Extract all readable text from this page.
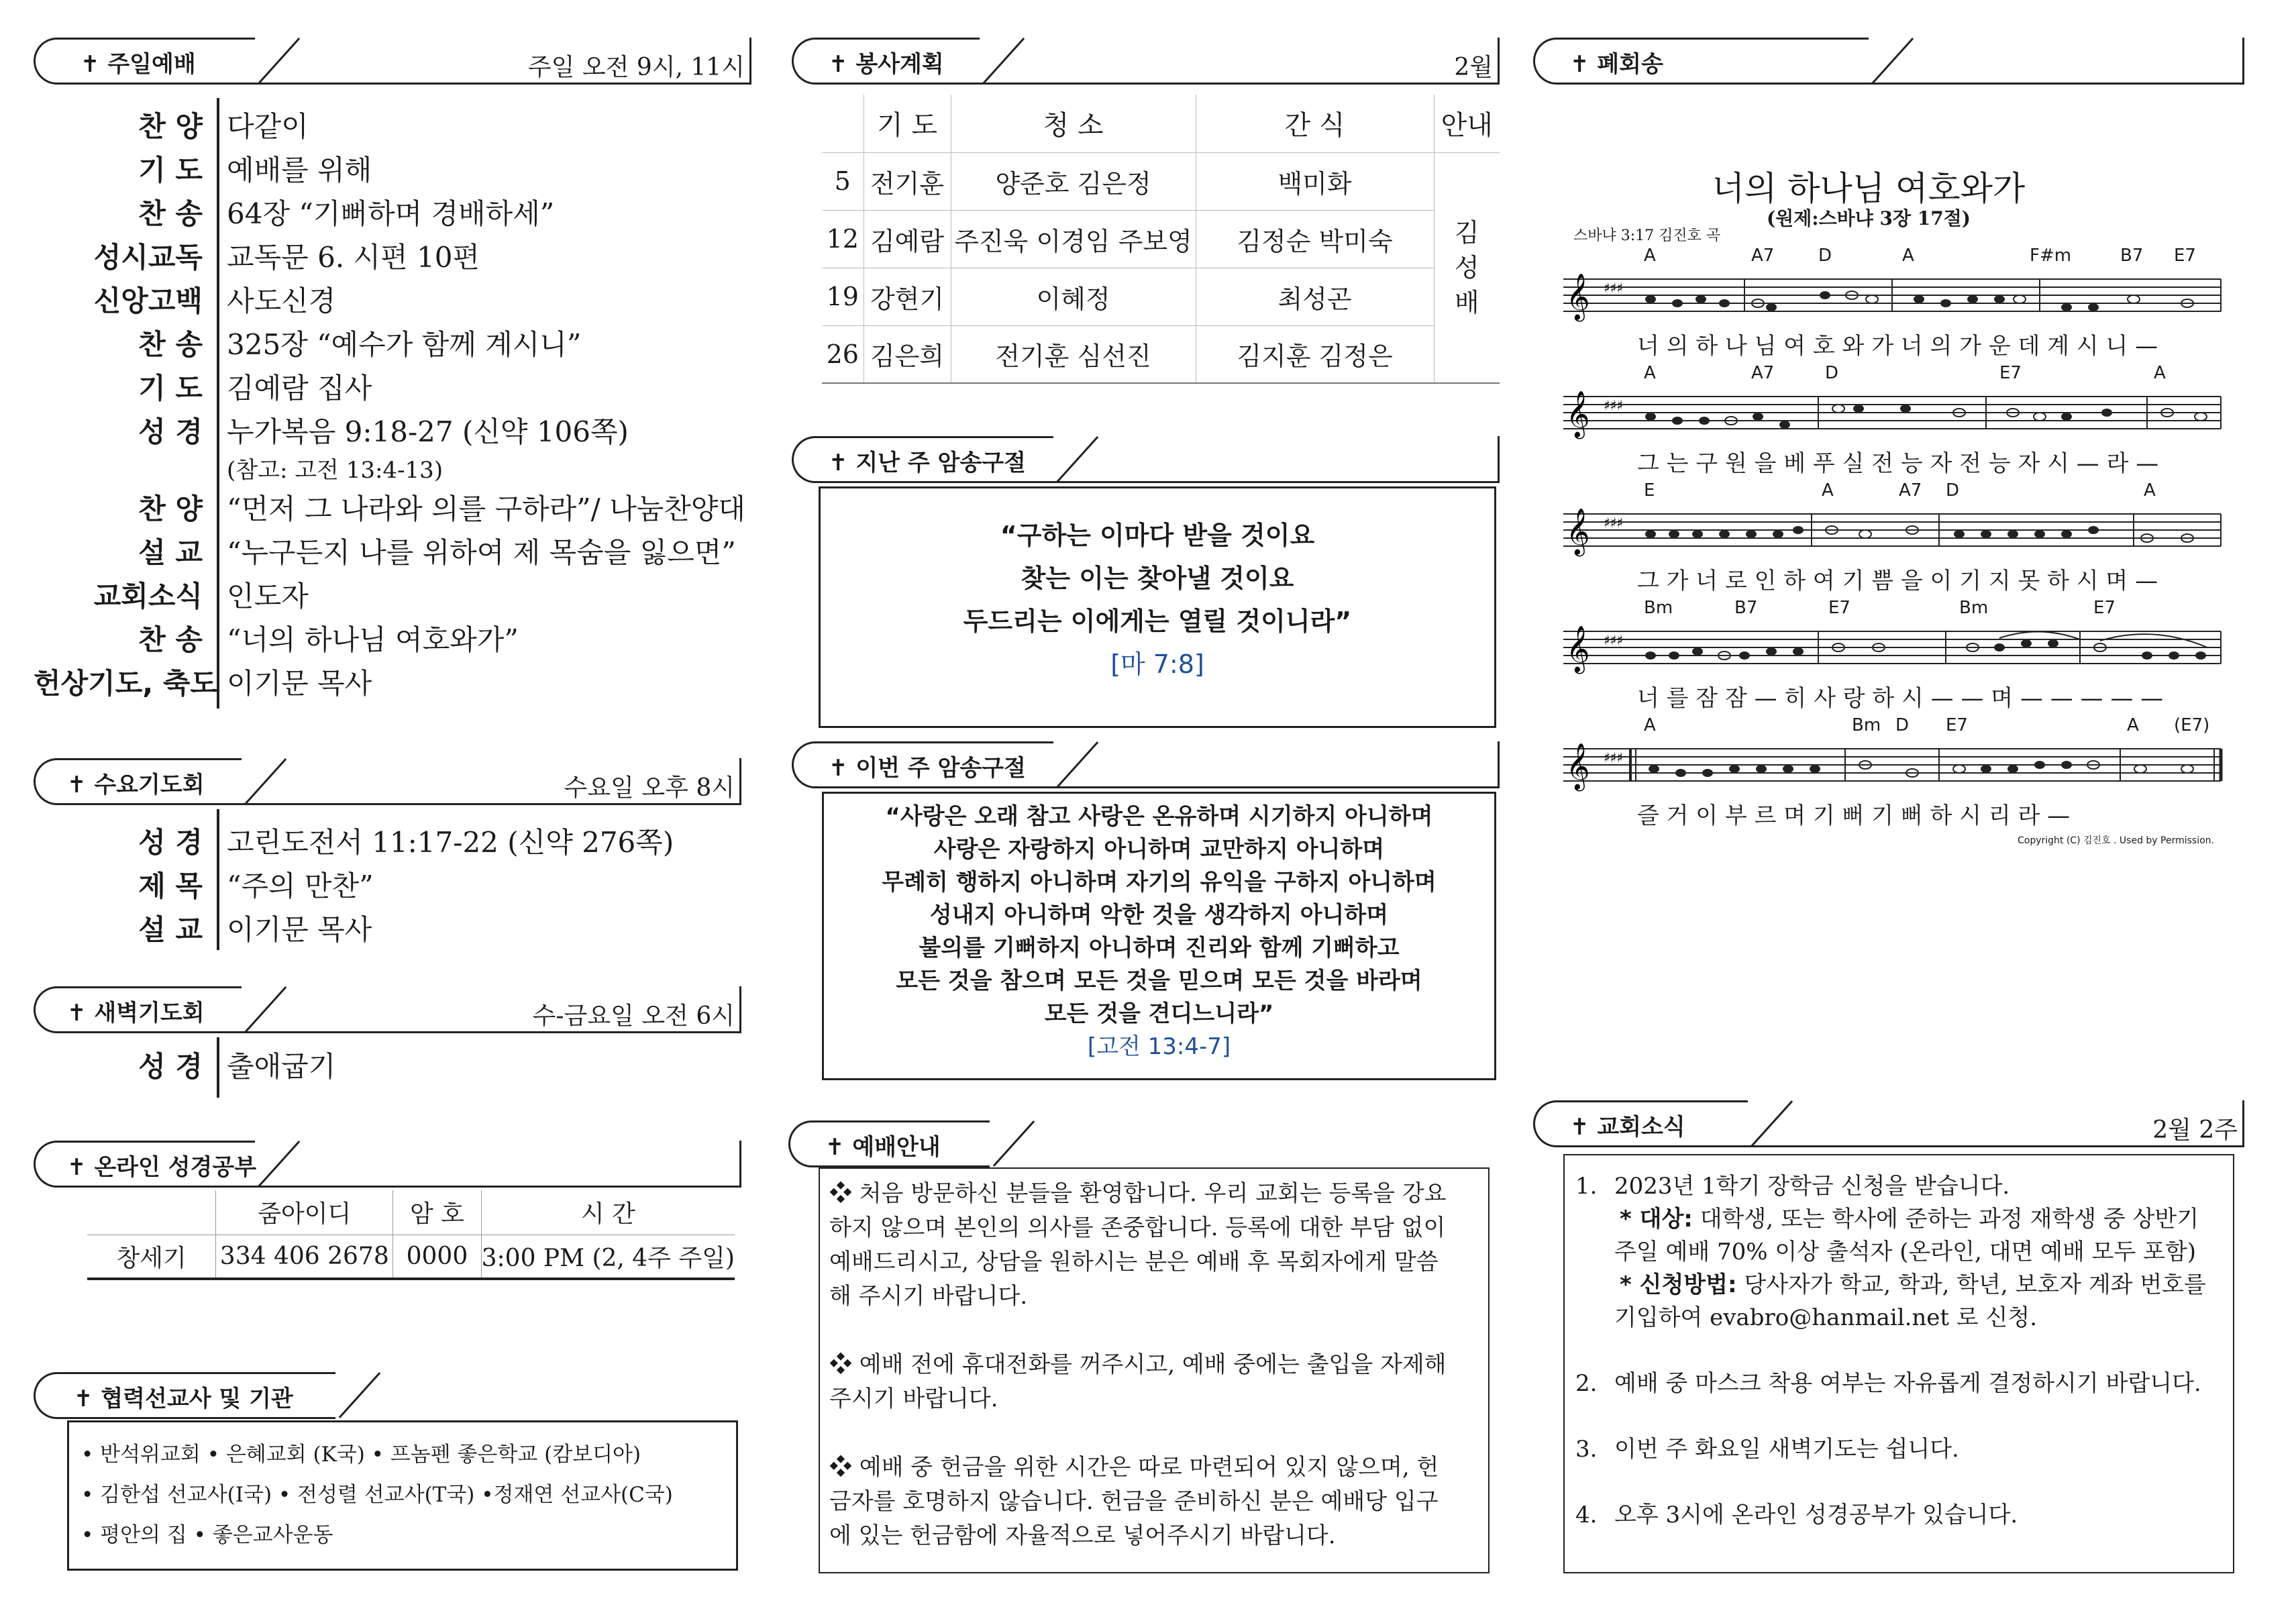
✝ 주일예배	주일 오전 9시, 11시
찬 양 다같이
기 도 예배를 위해
찬 송 64장 “기뻐하며 경배하세”
성시교독 교독문 6. 시편 10편
신앙고백 사도신경
찬 송 325장 “예수가 함께 계시니”
기 도 김예람 집사
성 경 누가복음 9:18-27 (신약 106쪽)
(참고: 고전 13:4-13)
찬 양 “먼저 그 나라와 의를 구하라”/ 나눔찬양대
설 교 “누구든지 나를 위하여 제 목숨을 잃으면”
교회소식 인도자
찬 송 “너의 하나님 여호와가”
헌상기도, 축도 이기문 목사
✝ 수요기도회	수요일 오후 8시
성 경 고린도전서 11:17-22 (신약 276쪽)
제 목 “주의 만찬”
설 교 이기문 목사
✝ 새벽기도회	수-금요일 오전 6시
성 경 출애굽기
✝ 온라인 성경공부
	줌아이디	암 호	시 간
창세기	334 406 2678	0000	3:00 PM (2, 4주 주일)
✝ 협력선교사 및 기관
• 반석위교회 • 은혜교회 (K국) • 프놈펜 좋은학교 (캄보디아)
• 김한섭 선교사(I국) • 전성렬 선교사(T국) •정재연 선교사(C국)
• 평안의 집 • 좋은교사운동
✝ 봉사계획	2월
	기 도	청 소	간 식	안내
5	전기훈	양준호 김은정	백미화	김
성
배

12	김예람	주진욱 이경임 주보영	김정순 박미숙	
19	강현기	이혜정	최성곤	
26	김은희	전기훈 심선진	김지훈 김정은	
✝ 지난 주 암송구절
“구하는 이마다 받을 것이요
찾는 이는 찾아낼 것이요
두드리는 이에게는 열릴 것이니라”
[마 7:8]
✝ 이번 주 암송구절
“사랑은 오래 참고 사랑은 온유하며 시기하지 아니하며
사랑은 자랑하지 아니하며 교만하지 아니하며
무례히 행하지 아니하며 자기의 유익을 구하지 아니하며
성내지 아니하며 악한 것을 생각하지 아니하며
불의를 기뻐하지 아니하며 진리와 함께 기뻐하고
모든 것을 참으며 모든 것을 믿으며 모든 것을 바라며
모든 것을 견디느니라”
[고전 13:4-7]
✝ 예배안내
❖ 처음 방문하신 분들을 환영합니다. 우리 교회는 등록을 강요
하지 않으며 본인의 의사를 존중합니다. 등록에 대한 부담 없이
예배드리시고, 상담을 원하시는 분은 예배 후 목회자에게 말씀
해 주시기 바랍니다.
❖ 예배 전에 휴대전화를 꺼주시고, 예배 중에는 출입을 자제해
주시기 바랍니다.
❖ 예배 중 헌금을 위한 시간은 따로 마련되어 있지 않으며, 헌
금자를 호명하지 않습니다. 헌금을 준비하신 분은 예배당 입구
에 있는 헌금함에 자율적으로 넣어주시기 바랍니다.
✝ 폐회송
너의 하나님 여호와가
(원제:스바냐 3장 17절)
스바냐 3:17 김진호 곡
A	A7	D	A	F#m	B7 E7
𝄞 ♯♯♯
너 의 하 나 님 여 호 와 가 너 의 가 운 데 계 시 니 —
A	A7	D	E7	A
𝄞 ♯♯♯
그 는 구 원 을 베 푸 실 전 능 자 전 능 자 시 — 라 —
E	A	A7 D	A
𝄞 ♯♯♯
그 가 너 로 인 하 여 기 쁨 을 이 기 지 못 하 시 며 —
Bm	B7	E7	Bm	E7
𝄞 ♯♯♯
너 를 잠 잠 — 히 사 랑 하 시 — — 며 — — — — —
A	Bm D E7	A (E7)
𝄞 ♯♯♯
즐 거 이 부 르 며 기 뻐 기 뻐 하 시 리 라 —
Copyright (C) 김진호 . Used by Permission.
✝ 교회소식	2월 2주
1. 2023년 1학기 장학금 신청을 받습니다.
* 대상: 대학생, 또는 학사에 준하는 과정 재학생 중 상반기
주일 예배 70% 이상 출석자 (온라인, 대면 예배 모두 포함)
* 신청방법: 당사자가 학교, 학과, 학년, 보호자 계좌 번호를
기입하여 evabro@hanmail.net 로 신청.
2. 예배 중 마스크 착용 여부는 자유롭게 결정하시기 바랍니다.
3. 이번 주 화요일 새벽기도는 쉽니다.
4. 오후 3시에 온라인 성경공부가 있습니다.
